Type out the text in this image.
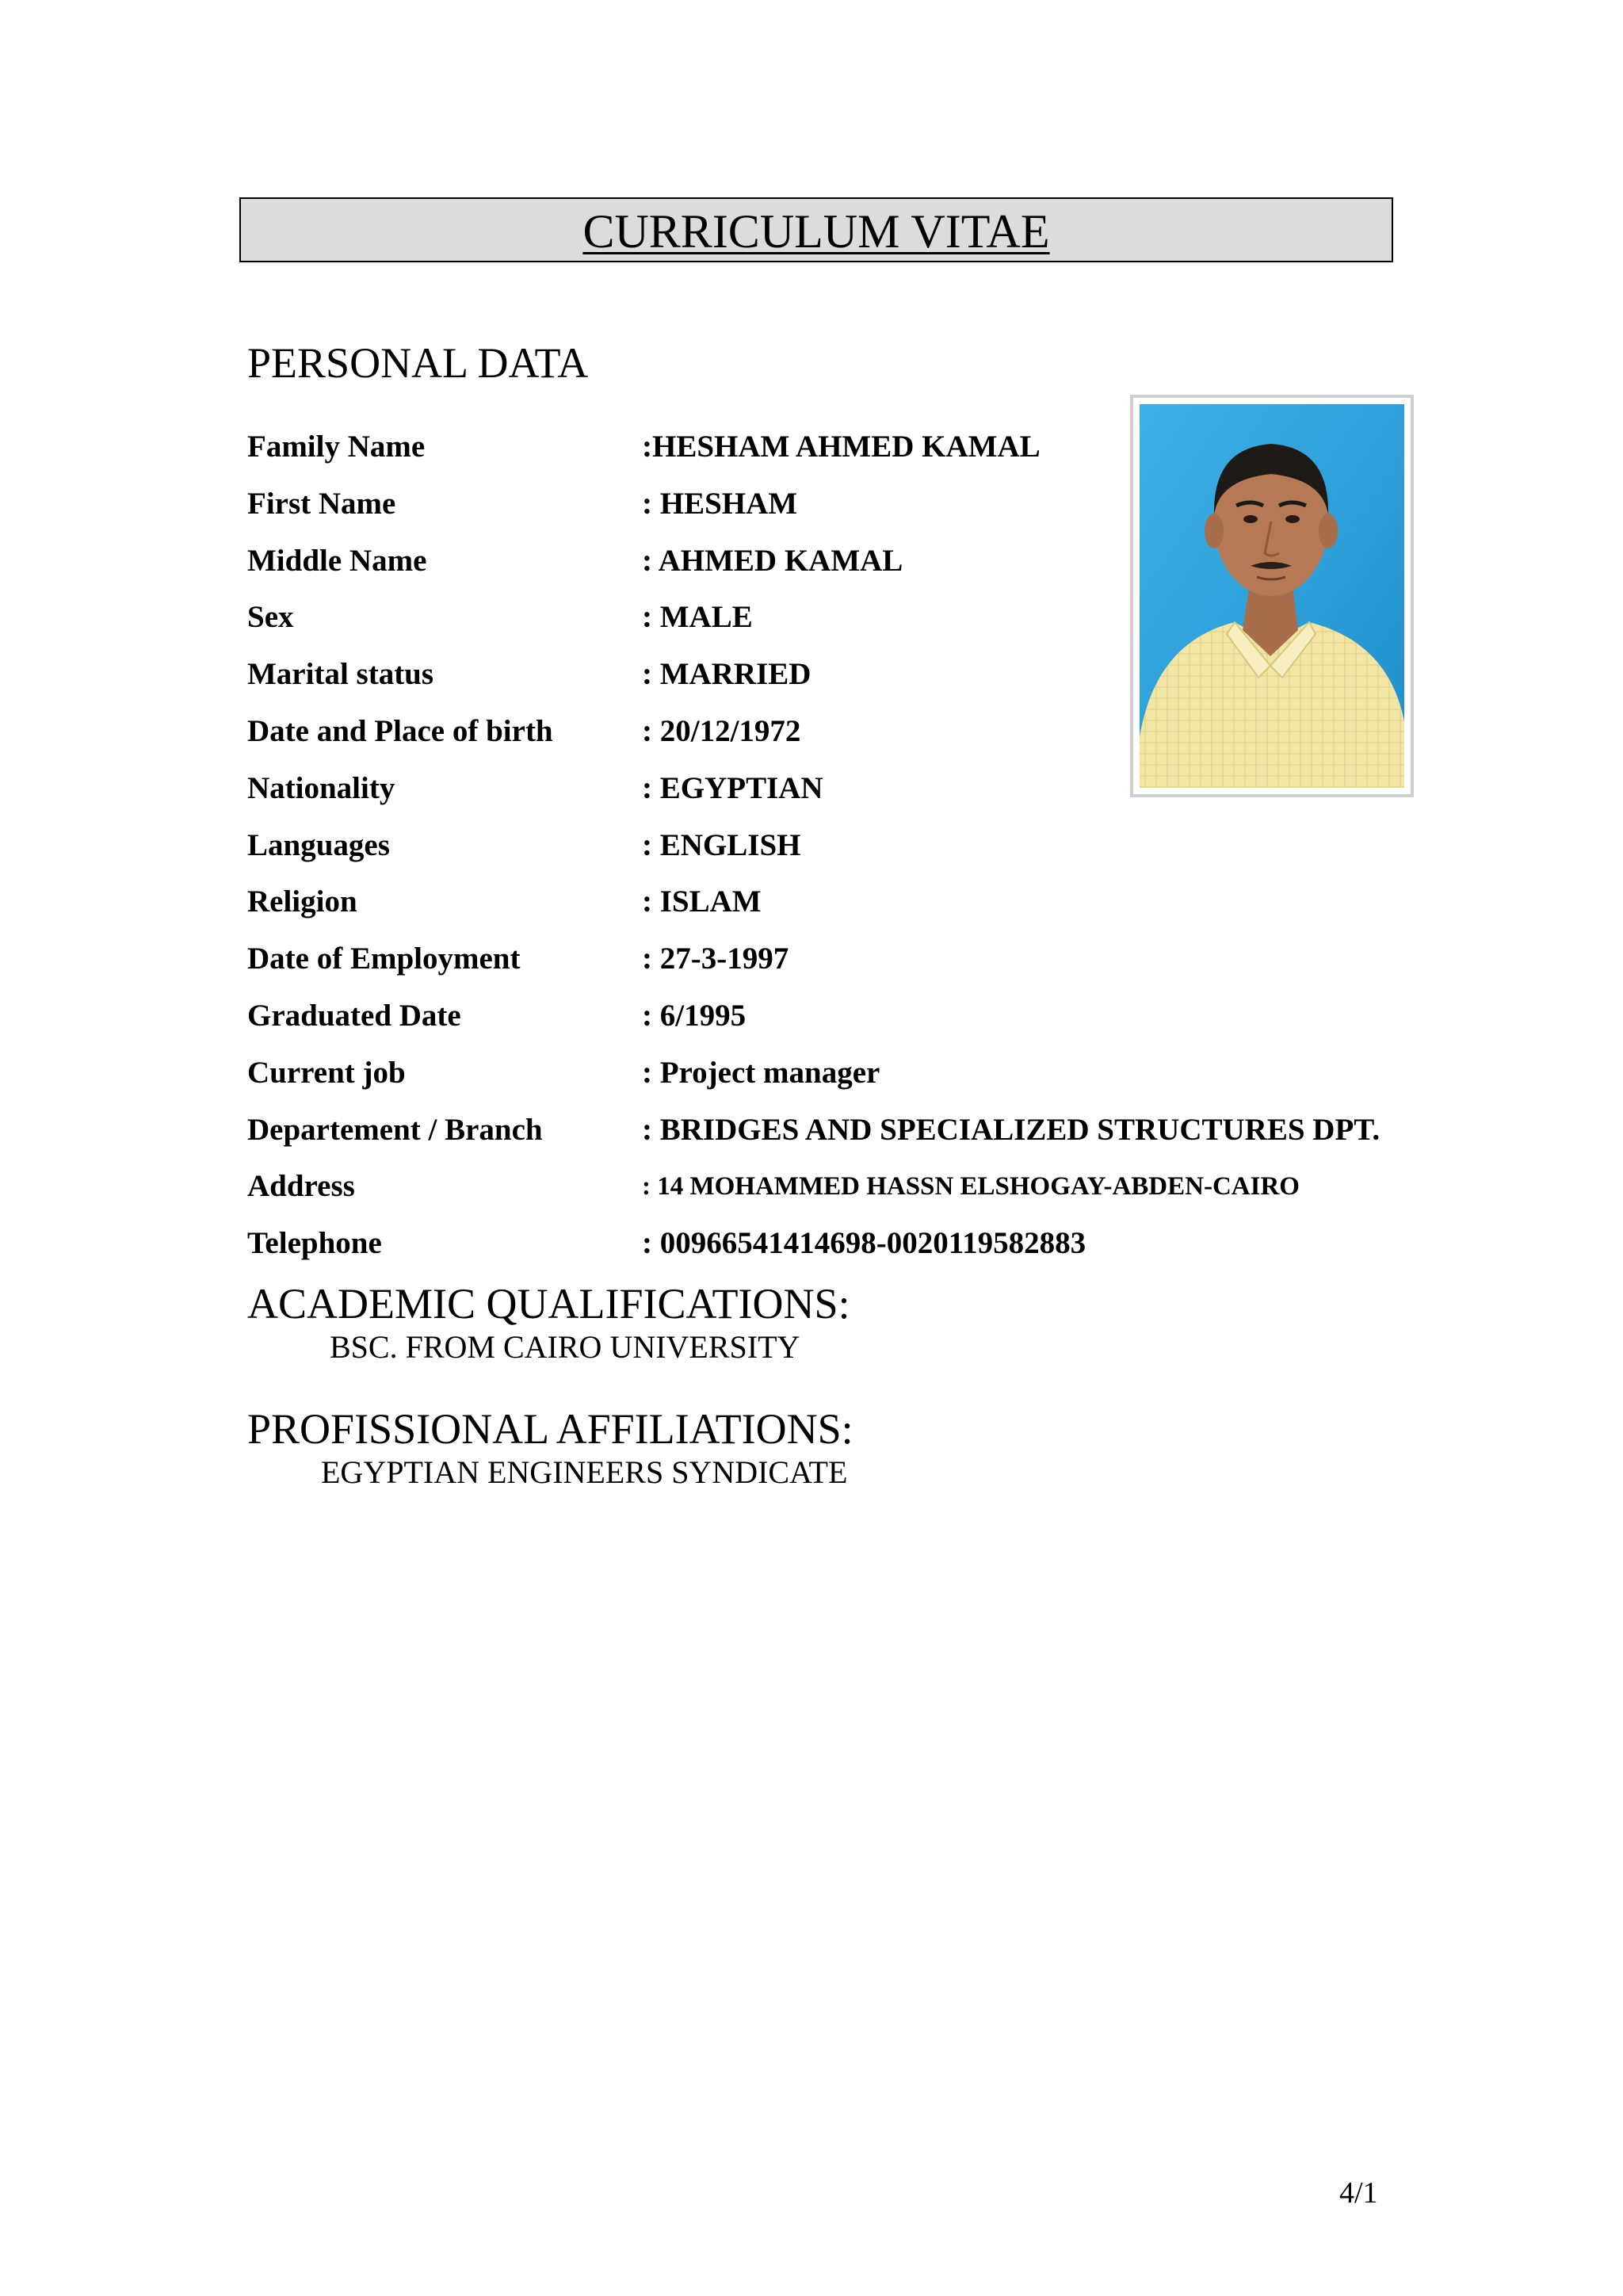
CURRICULUM VITAE
PERSONAL DATA
Family Name	:HESHAM AHMED KAMAL
First Name	: HESHAM
Middle Name	: AHMED KAMAL
Sex	: MALE
Marital status	: MARRIED
Date and Place of birth	: 20/12/1972
Nationality	: EGYPTIAN
Languages	: ENGLISH
Religion	: ISLAM
Date of Employment	: 27-3-1997
Graduated Date	: 6/1995
Current job	: Project manager
Departement / Branch	: BRIDGES AND SPECIALIZED STRUCTURES DPT.
Address	: 14 MOHAMMED HASSN ELSHOGAY-ABDEN-CAIRO
Telephone	: 00966541414698-0020119582883
ACADEMIC QUALIFICATIONS:
BSC. FROM CAIRO UNIVERSITY
PROFISSIONAL AFFILIATIONS:
EGYPTIAN ENGINEERS SYNDICATE
4/1
